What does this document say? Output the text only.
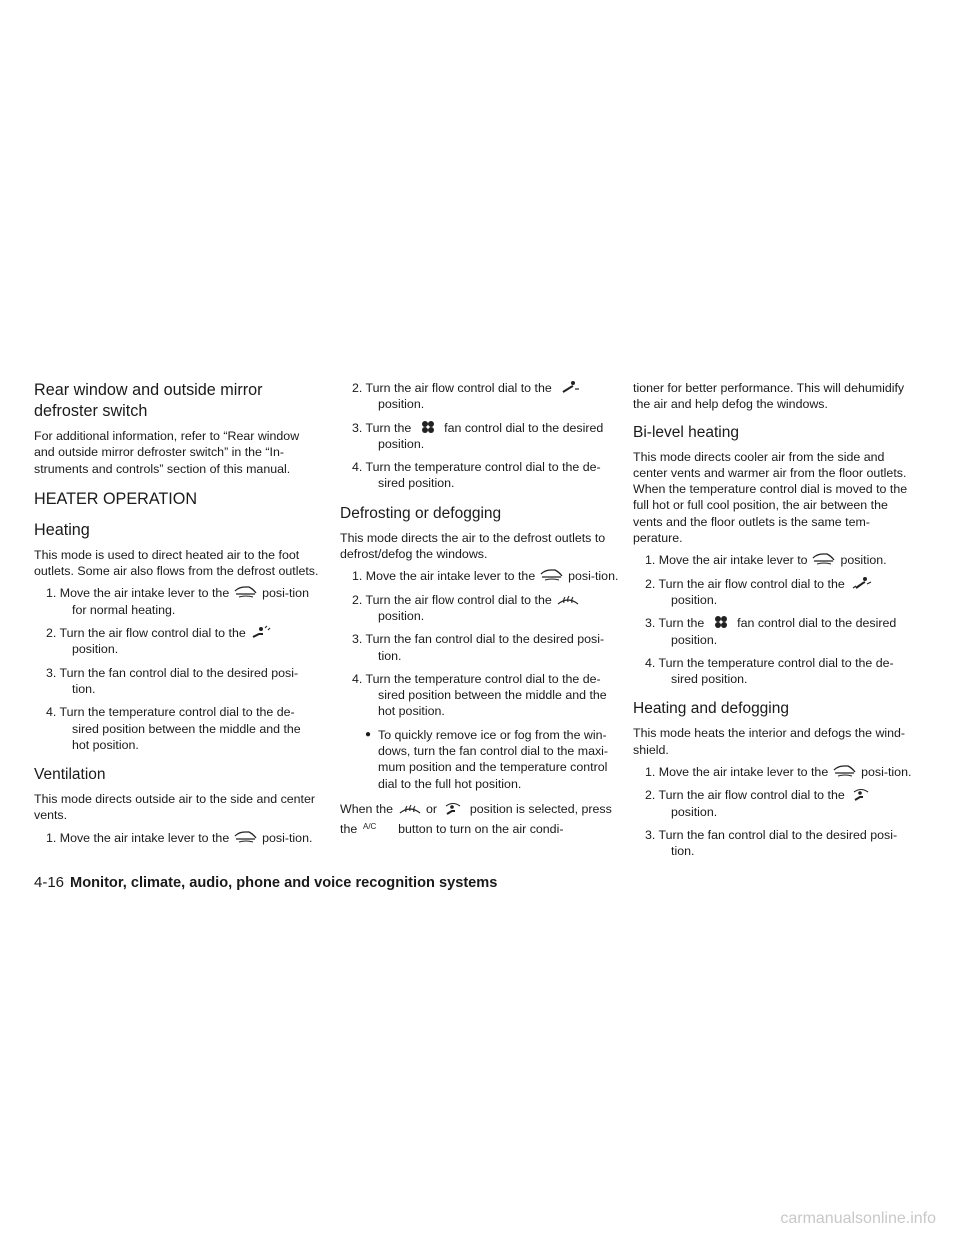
Rear window and outside mirror
defroster switch

For additional information, refer to “Rear window and outside mirror defroster switch” in the “In-struments and controls” section of this manual.

HEATER OPERATION
Heating

This mode is used to direct heated air to the foot outlets. Some air also flows from the defrost outlets.

1. Move the air intake lever to the	posi-tion for normal heating.
2. Turn the air flow control dial to the
position.
3. Turn the fan control dial to the desired posi-tion.
4. Turn the temperature control dial to the de-sired position between the middle and the hot position.
Ventilation

This mode directs outside air to the side and center vents.

1. Move the air intake lever to the	posi-tion.
2. Turn the air flow control dial to the
position.
3. Turn the	fan control dial to the desired position.
4. Turn the temperature control dial to the de-sired position.
Defrosting or defogging

This mode directs the air to the defrost outlets to defrost/defog the windows.

1. Move the air intake lever to the	posi-tion.
2. Turn the air flow control dial to the
position.
3. Turn the fan control dial to the desired posi-tion.
4. Turn the temperature control dial to the de-sired position between the middle and the hot position.
● To quickly remove ice or fog from the win-dows, turn the fan control dial to the maxi-mum position and the temperature control dial to the full hot position.

When the	or	position is selected, press the A/C button to turn on the air condi-

tioner for better performance. This will dehumidify the air and help defog the windows.

Bi-level heating

This mode directs cooler air from the side and center vents and warmer air from the floor outlets. When the temperature control dial is moved to the full hot or full cool position, the air between the vents and the floor outlets is the same tem-perature.

1. Move the air intake lever to	position.
2. Turn the air flow control dial to the
position.
3. Turn the	fan control dial to the desired position.
4. Turn the temperature control dial to the de-sired position.
Heating and defogging

This mode heats the interior and defogs the wind-shield.

1. Move the air intake lever to the	posi-tion.
2. Turn the air flow control dial to the
position.
3. Turn the fan control dial to the desired posi-tion.
4-16 Monitor, climate, audio, phone and voice recognition systems
carmanualsonline.info
